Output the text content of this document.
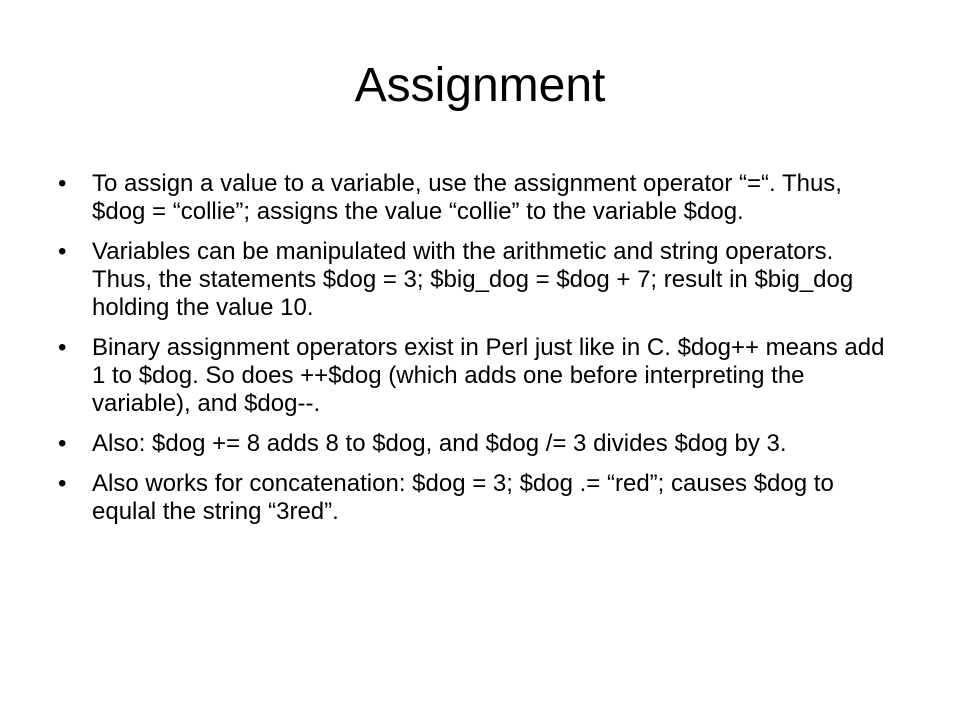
Assignment
•	To assign a value to a variable, use the assignment operator “=“. Thus, $dog = “collie”; assigns the value “collie” to the variable $dog.
•	Variables can be manipulated with the arithmetic and string operators. Thus, the statements $dog = 3; $big_dog = $dog + 7; result in $big_dog holding the value 10.
•	Binary assignment operators exist in Perl just like in C. $dog++ means add 1 to $dog. So does ++$dog (which adds one before interpreting the variable), and $dog--.
•	Also: $dog += 8 adds 8 to $dog, and $dog /= 3 divides $dog by 3.
•	Also works for concatenation: $dog = 3; $dog .= “red”; causes $dog to equlal the string “3red”.
